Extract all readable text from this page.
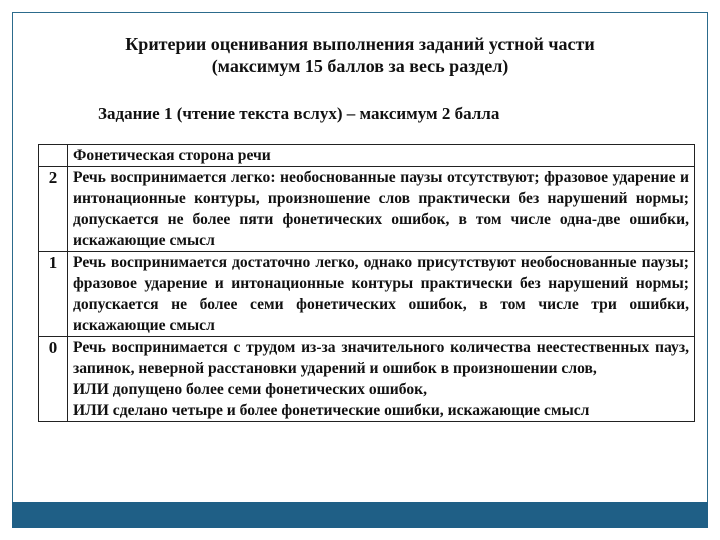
Критерии оценивания выполнения заданий устной части
(максимум 15 баллов за весь раздел)
Задание 1 (чтение текста вслух) – максимум 2 балла
	Фонетическая сторона речи
2	Речь воспринимается легко: необоснованные паузы отсутствуют; фразовое ударение и интонационные контуры, произношение слов практически без нарушений нормы; допускается не более пяти фонетических ошибок, в том числе одна-две ошибки, искажающие смысл
1	Речь воспринимается достаточно легко, однако присутствуют необоснованные паузы; фразовое ударение и интонационные контуры практически без нарушений нормы; допускается не более семи фонетических ошибок, в том числе три ошибки, искажающие смысл
0	Речь воспринимается с трудом из-за значительного количества неестественных пауз, запинок, неверной расстановки ударений и ошибок в произношении слов,

ИЛИ допущено более семи фонетических ошибок,

ИЛИ сделано четыре и более фонетические ошибки, искажающие смысл
